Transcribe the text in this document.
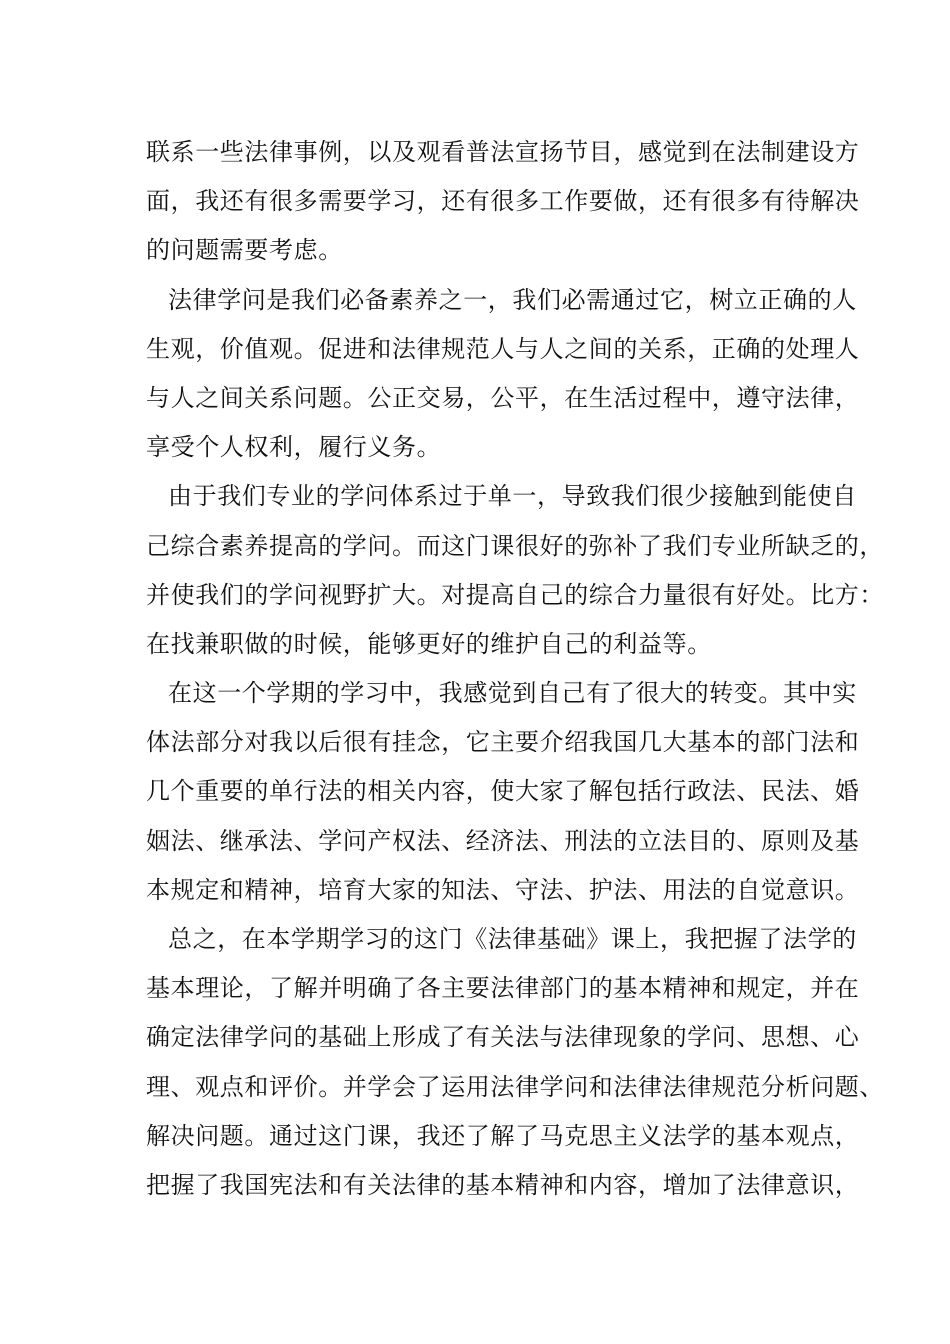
联系一些法律事例，以及观看普法宣扬节目，感觉到在法制建设方
面，我还有很多需要学习，还有很多工作要做，还有很多有待解决
的问题需要考虑。
法律学问是我们必备素养之一，我们必需通过它，树立正确的人
生观，价值观。促进和法律规范人与人之间的关系，正确的处理人
与人之间关系问题。公正交易，公平，在生活过程中，遵守法律，
享受个人权利，履行义务。
由于我们专业的学问体系过于单一，导致我们很少接触到能使自
己综合素养提高的学问。而这门课很好的弥补了我们专业所缺乏的，
并使我们的学问视野扩大。对提高自己的综合力量很有好处。比方：
在找兼职做的时候，能够更好的维护自己的利益等。
在这一个学期的学习中，我感觉到自己有了很大的转变。其中实
体法部分对我以后很有挂念，它主要介绍我国几大基本的部门法和
几个重要的单行法的相关内容，使大家了解包括行政法、民法、婚
姻法、继承法、学问产权法、经济法、刑法的立法目的、原则及基
本规定和精神，培育大家的知法、守法、护法、用法的自觉意识。
总之，在本学期学习的这门《法律基础》课上，我把握了法学的
基本理论，了解并明确了各主要法律部门的基本精神和规定，并在
确定法律学问的基础上形成了有关法与法律现象的学问、思想、心
理、观点和评价。并学会了运用法律学问和法律法律规范分析问题、
解决问题。通过这门课，我还了解了马克思主义法学的基本观点，
把握了我国宪法和有关法律的基本精神和内容，增加了法律意识，
